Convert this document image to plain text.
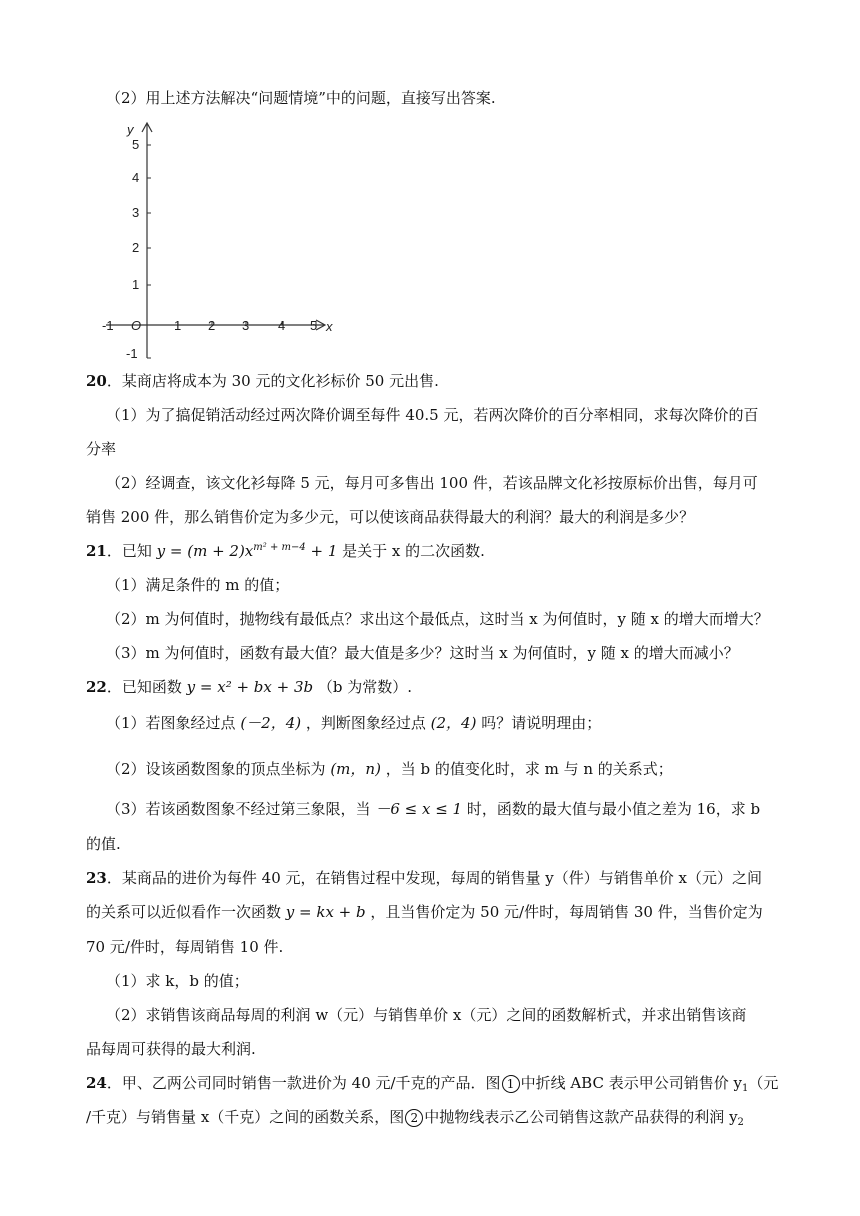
（2）用上述方法解决“问题情境”中的问题，直接写出答案.
y
x
O
5
4
3
2
1
-1
-1	1 2 3 4 5
20．某商店将成本为 30 元的文化衫标价 50 元出售.
（1）为了搞促销活动经过两次降价调至每件 40.5 元，若两次降价的百分率相同，求每次降价的百
分率
（2）经调查，该文化衫每降 5 元，每月可多售出 100 件，若该品牌文化衫按原标价出售，每月可
销售 200 件，那么销售价定为多少元，可以使该商品获得最大的利润？最大的利润是多少？
21．已知 $y = (m + 2)x^{m^2 + m-4} + 1$ 是关于 x 的二次函数.
（1）满足条件的 m 的值；
（2）m 为何值时，抛物线有最低点？求出这个最低点，这时当 x 为何值时，y 随 x 的增大而增大？
（3）m 为何值时，函数有最大值？最大值是多少？这时当 x 为何值时，y 随 x 的增大而减小？
22．已知函数 y = x² + bx + 3b （b 为常数）.
（1）若图象经过点 (－2，4) ，判断图象经过点 (2，4) 吗？请说明理由；
（2）设该函数图象的顶点坐标为 (m，n) ，当 b 的值变化时，求 m 与 n 的关系式；
（3）若该函数图象不经过第三象限，当 －6 ≤ x ≤ 1 时，函数的最大值与最小值之差为 16，求 b
的值.
23．某商品的进价为每件 40 元，在销售过程中发现，每周的销售量 y（件）与销售单价 x（元）之间
的关系可以近似看作一次函数 y = kx + b ，且当售价定为 50 元/件时，每周销售 30 件，当售价定为
70 元/件时，每周销售 10 件.
（1）求 k，b 的值；
（2）求销售该商品每周的利润 w（元）与销售单价 x（元）之间的函数解析式，并求出销售该商
品每周可获得的最大利润.
24．甲、乙两公司同时销售一款进价为 40 元/千克的产品．图 1 中折线 ABC 表示甲公司销售价 $y_1$（元
/千克）与销售量 x（千克）之间的函数关系，图 2 中抛物线表示乙公司销售这款产品获得的利润 $y_2$
